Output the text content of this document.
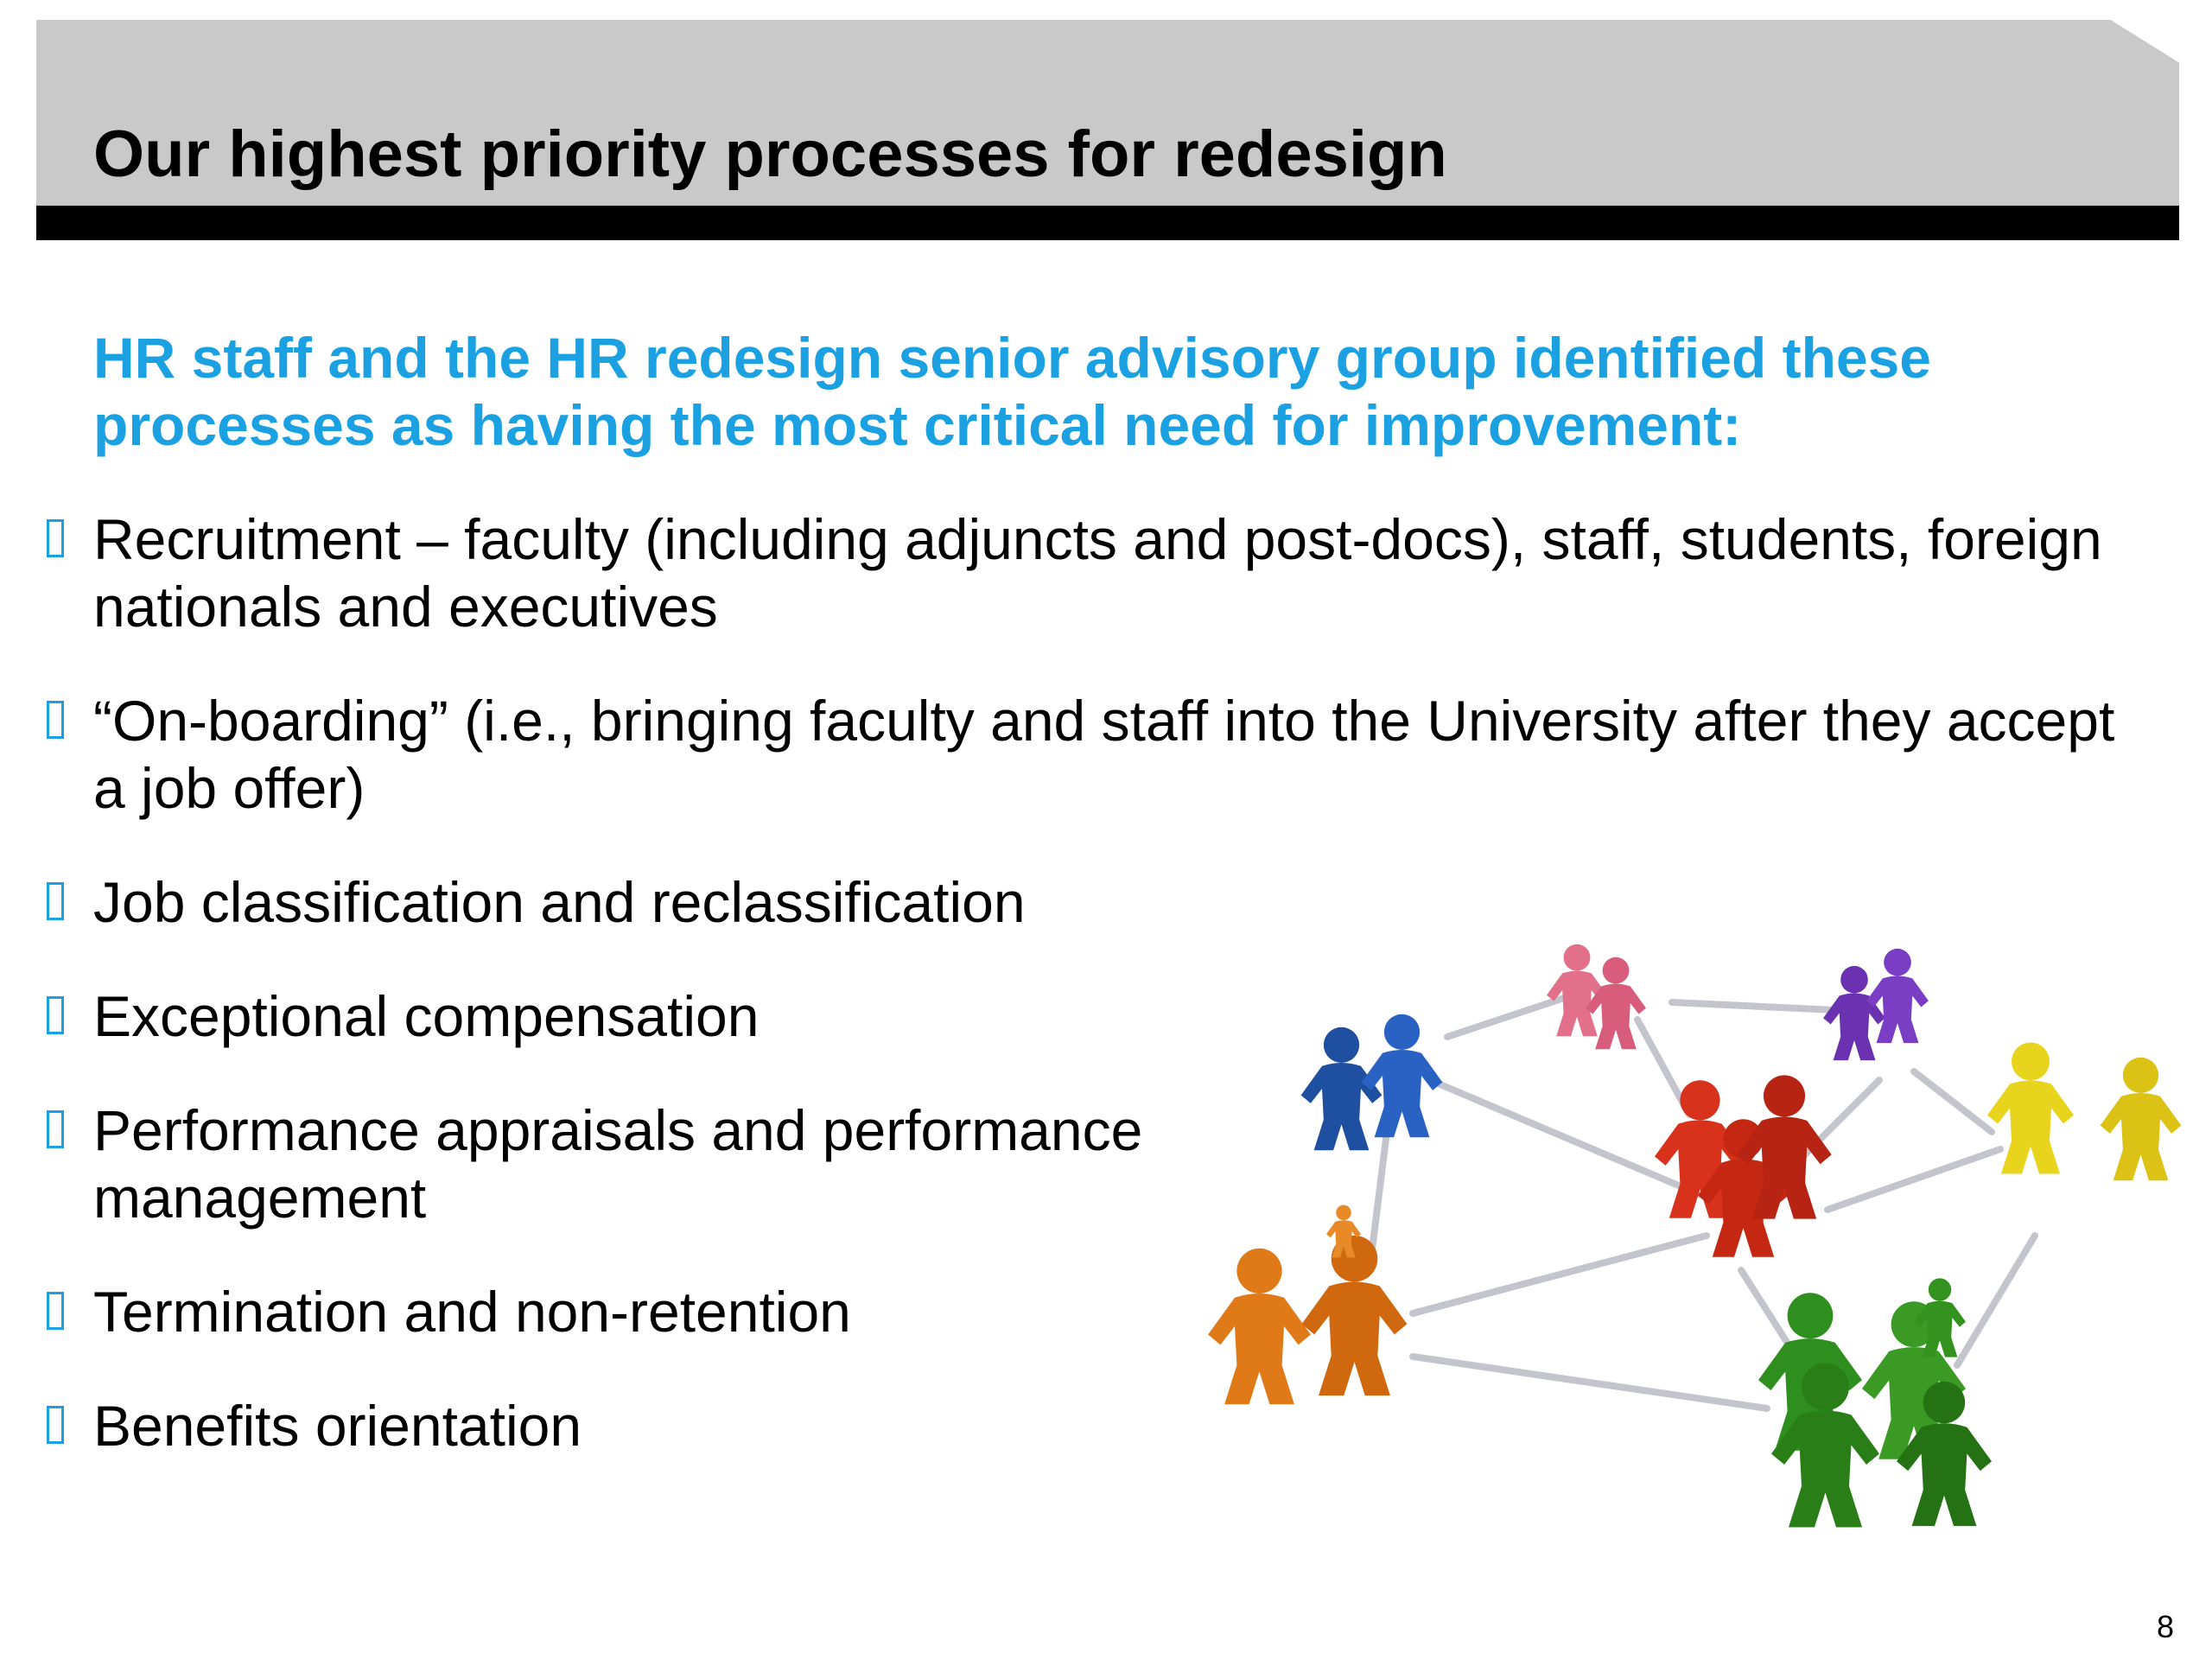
Our highest priority processes for redesign
HR staff and the HR redesign senior advisory group identified these processes as having the most critical need for improvement:
Recruitment – faculty (including adjuncts and post-docs), staff, students, foreign nationals and executives
“On-boarding” (i.e., bringing faculty and staff into the University after they accept a job offer)
Job classification and reclassification
Exceptional compensation
Performance appraisals and performance management
Termination and non-retention
Benefits orientation
8
